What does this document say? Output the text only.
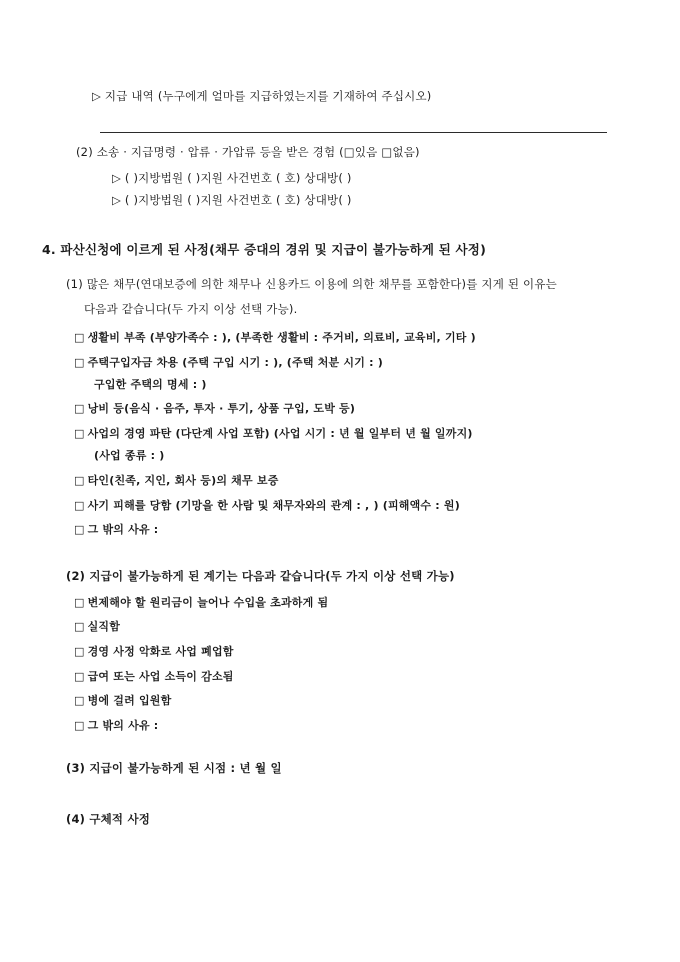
▷ 지급 내역 (누구에게 얼마를 지급하였는지를 기재하여 주십시오)
(2) 소송 · 지급명령 · 압류 · 가압류 등을 받은 경험 (□있음 □없음)
▷ ( )지방법원 ( )지원 사건번호 ( 호) 상대방( )
▷ ( )지방법원 ( )지원 사건번호 ( 호) 상대방( )
4. 파산신청에 이르게 된 사정(채무 증대의 경위 및 지급이 불가능하게 된 사정)
(1) 많은 채무(연대보증에 의한 채무나 신용카드 이용에 의한 채무를 포함한다)를 지게 된 이유는
다음과 같습니다(두 가지 이상 선택 가능).
□ 생활비 부족 (부양가족수 : ), (부족한 생활비 : 주거비, 의료비, 교육비, 기타 )
□ 주택구입자금 차용 (주택 구입 시기 : ), (주택 처분 시기 : )
구입한 주택의 명세 : )
□ 낭비 등(음식 · 음주, 투자 · 투기, 상품 구입, 도박 등)
□ 사업의 경영 파탄 (다단계 사업 포함) (사업 시기 : 년 월 일부터 년 월 일까지)
(사업 종류 : )
□ 타인(친족, 지인, 회사 등)의 채무 보증
□ 사기 피해를 당함 (기망을 한 사람 및 채무자와의 관계 : , ) (피해액수 : 원)
□ 그 밖의 사유 :
(2) 지급이 불가능하게 된 계기는 다음과 같습니다(두 가지 이상 선택 가능)
□ 변제해야 할 원리금이 늘어나 수입을 초과하게 됨
□ 실직함
□ 경영 사정 악화로 사업 폐업함
□ 급여 또는 사업 소득이 감소됨
□ 병에 걸려 입원함
□ 그 밖의 사유 :
(3) 지급이 불가능하게 된 시점 : 년 월 일
(4) 구체적 사정
